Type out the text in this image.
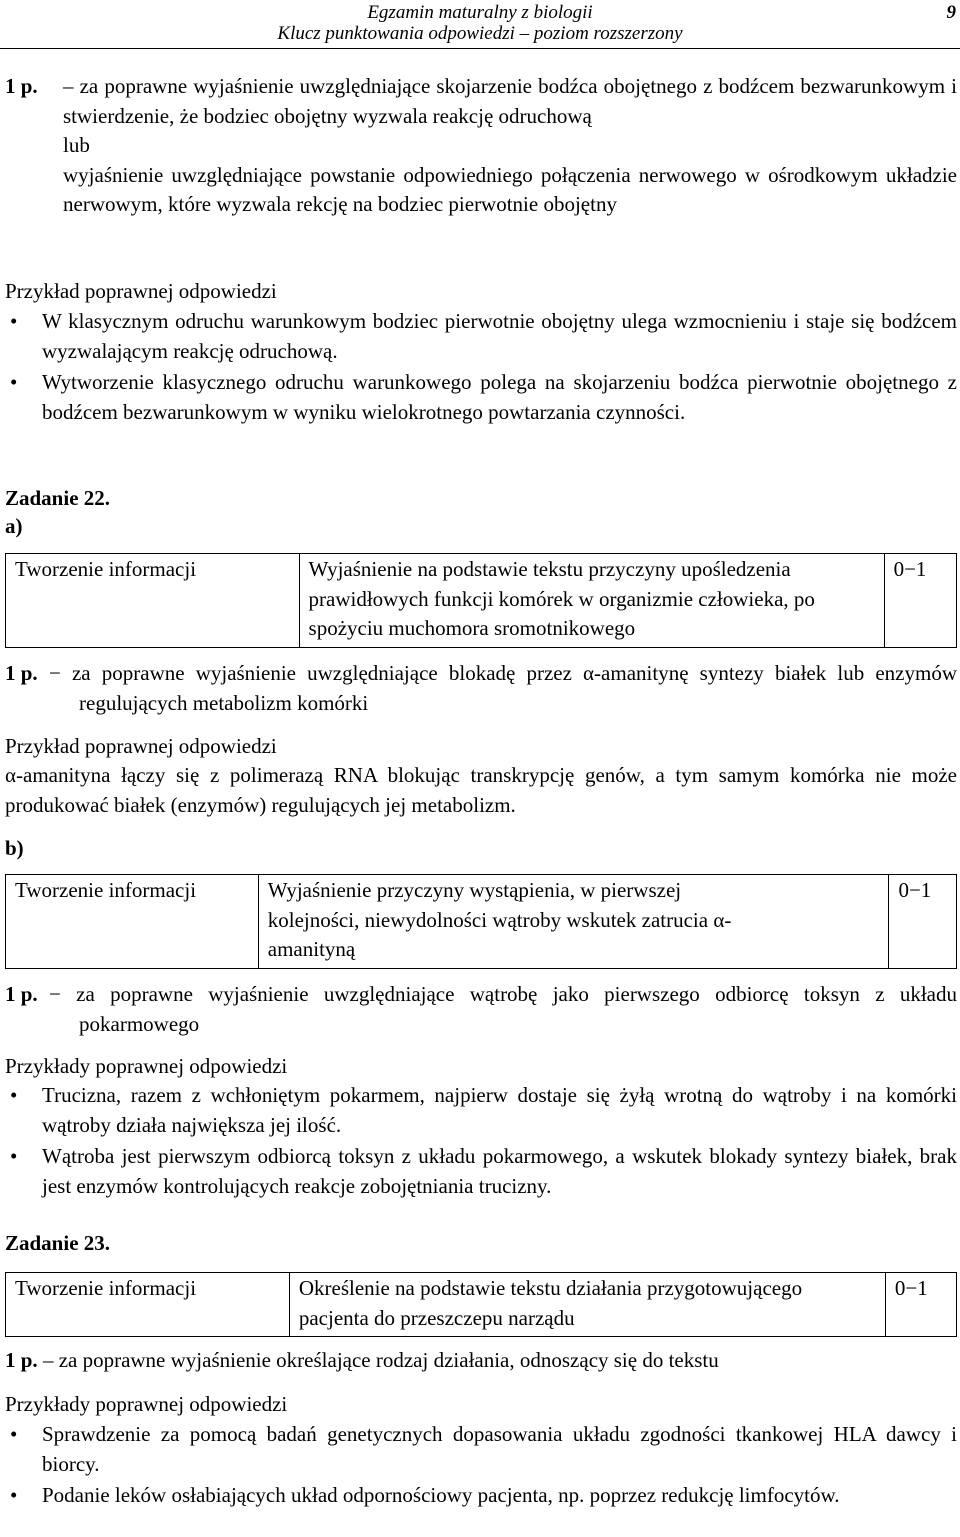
Egzamin maturalny z biologii
Klucz punktowania odpowiedzi – poziom rozszerzony
9
1 p. – za poprawne wyjaśnienie uwzględniające skojarzenie bodźca obojętnego z bodźcem bezwarunkowym i stwierdzenie, że bodziec obojętny wyzwala reakcję odruchową
lub
wyjaśnienie uwzględniające powstanie odpowiedniego połączenia nerwowego w ośrodkowym układzie nerwowym, które wyzwala rekcję na bodziec pierwotnie obojętny
Przykład poprawnej odpowiedzi
• W klasycznym odruchu warunkowym bodziec pierwotnie obojętny ulega wzmocnieniu i staje się bodźcem wyzwalającym reakcję odruchową.
• Wytworzenie klasycznego odruchu warunkowego polega na skojarzeniu bodźca pierwotnie obojętnego z bodźcem bezwarunkowym w wyniku wielokrotnego powtarzania czynności.
Zadanie 22.
a)
Tworzenie informacji	Wyjaśnienie na podstawie tekstu przyczyny upośledzenia prawidłowych funkcji komórek w organizmie człowieka, po spożyciu muchomora sromotnikowego	0−1
1 p. − za poprawne wyjaśnienie uwzględniające blokadę przez α-amanitynę syntezy białek lub enzymów regulujących metabolizm komórki
Przykład poprawnej odpowiedzi
α-amanityna łączy się z polimerazą RNA blokując transkrypcję genów, a tym samym komórka nie może produkować białek (enzymów) regulujących jej metabolizm.
b)
Tworzenie informacji	Wyjaśnienie przyczyny wystąpienia, w pierwszej kolejności, niewydolności wątroby wskutek zatrucia α-amanityną	0−1
1 p. − za poprawne wyjaśnienie uwzględniające wątrobę jako pierwszego odbiorcę toksyn z układu pokarmowego
Przykłady poprawnej odpowiedzi
• Trucizna, razem z wchłoniętym pokarmem, najpierw dostaje się żyłą wrotną do wątroby i na komórki wątroby działa największa jej ilość.
• Wątroba jest pierwszym odbiorcą toksyn z układu pokarmowego, a wskutek blokady syntezy białek, brak jest enzymów kontrolujących reakcje zobojętniania trucizny.
Zadanie 23.
Tworzenie informacji	Określenie na podstawie tekstu działania przygotowującego pacjenta do przeszczepu narządu	0−1
1 p. – za poprawne wyjaśnienie określające rodzaj działania, odnoszący się do tekstu
Przykłady poprawnej odpowiedzi
• Sprawdzenie za pomocą badań genetycznych dopasowania układu zgodności tkankowej HLA dawcy i biorcy.
• Podanie leków osłabiających układ odpornościowy pacjenta, np. poprzez redukcję limfocytów.
